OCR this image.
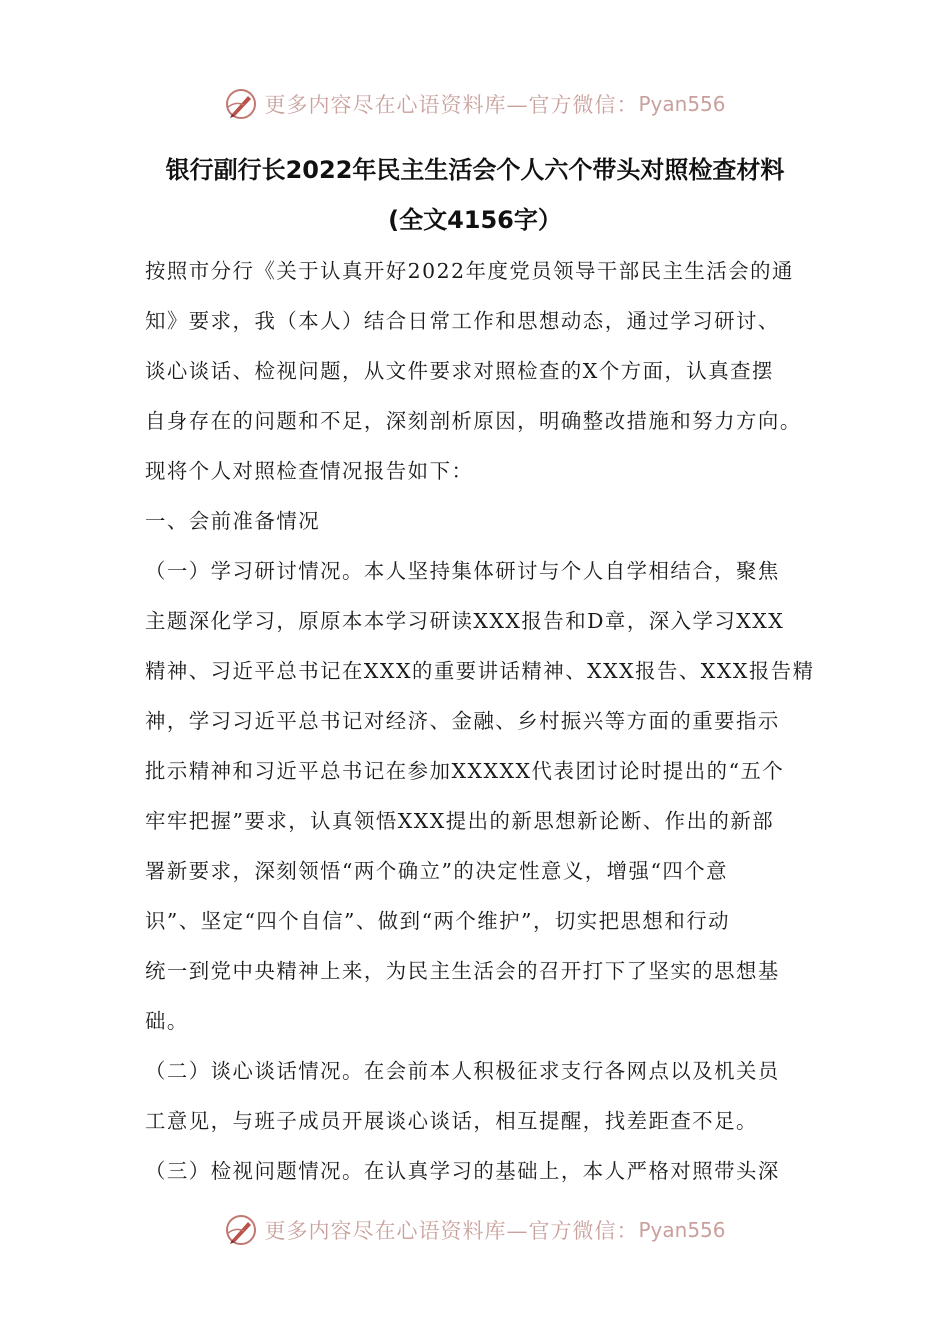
更多内容尽在心语资料库—官方微信： Pyan556
银行副行长2022年民主生活会个人六个带头对照检查材料
(全文4156字）
按照市分行《关于认真开好2022年度党员领导干部民主生活会的通
知》要求，我（本人）结合日常工作和思想动态，通过学习研讨、
谈心谈话、检视问题，从文件要求对照检查的X个方面，认真查摆
自身存在的问题和不足，深刻剖析原因，明确整改措施和努力方向。
现将个人对照检查情况报告如下：
一、会前准备情况
（一）学习研讨情况。本人坚持集体研讨与个人自学相结合，聚焦
主题深化学习，原原本本学习研读XXX报告和D章，深入学习XXX
精神、习近平总书记在XXX的重要讲话精神、XXX报告、XXX报告精
神，学习习近平总书记对经济、金融、乡村振兴等方面的重要指示
批示精神和习近平总书记在参加XXXXX代表团讨论时提出的“五个
牢牢把握”要求，认真领悟XXX提出的新思想新论断、作出的新部
署新要求，深刻领悟“两个确立”的决定性意义，增强“四个意
识”、坚定“四个自信”、做到“两个维护”，切实把思想和行动
统一到党中央精神上来，为民主生活会的召开打下了坚实的思想基
础。
（二）谈心谈话情况。在会前本人积极征求支行各网点以及机关员
工意见，与班子成员开展谈心谈话，相互提醒，找差距查不足。
（三）检视问题情况。在认真学习的基础上，本人严格对照带头深
更多内容尽在心语资料库—官方微信： Pyan556
